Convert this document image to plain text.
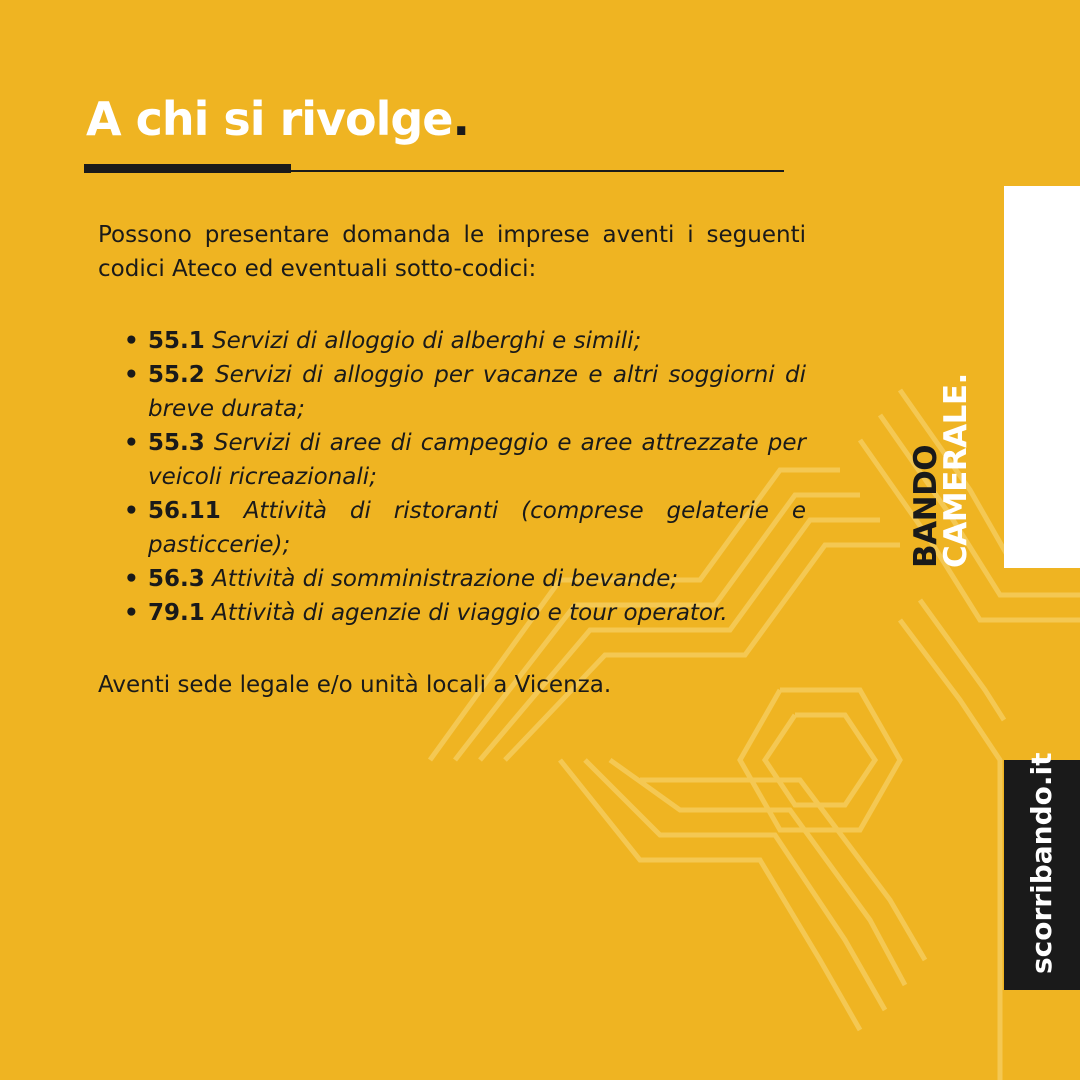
A chi si rivolge.

Possono presentare domanda le imprese aventi i seguenti codici Ateco ed eventuali sotto-codici:

• 55.1 Servizi di alloggio di alberghi e simili;
• 55.2 Servizi di alloggio per vacanze e altri soggiorni di breve durata;
• 55.3 Servizi di aree di campeggio e aree attrezzate per veicoli ricreazionali;
• 56.11 Attività di ristoranti (comprese gelaterie e pasticcerie);
• 56.3 Attività di somministrazione di bevande;
• 79.1 Attività di agenzie di viaggio e tour operator.

Aventi sede legale e/o unità locali a Vicenza.

BANDO
CAMERALE.
scorribando.it
